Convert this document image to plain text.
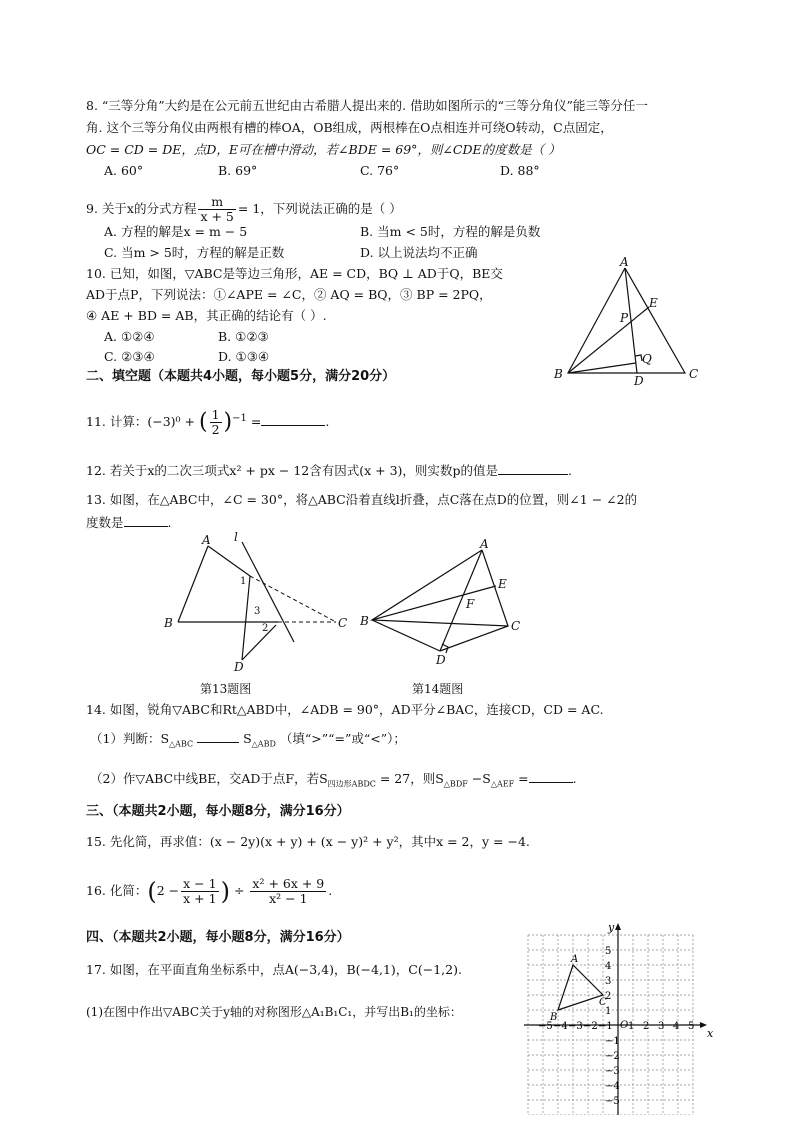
8. “三等分角”大约是在公元前五世纪由古希腊人提出来的. 借助如图所示的“三等分角仪”能三等分任一
角. 这个三等分角仪由两根有槽的棒OA，OB组成，两根棒在O点相连并可绕O转动，C点固定，
OC = CD = DE，点D，E可在槽中滑动，若∠BDE = 69°，则∠CDE的度数是（ ）
A. 60°	B. 69°	C. 76°	D. 88°
9. 关于x的分式方程 $\frac{m}{x + 5} = 1$，下列说法正确的是（ ）
A. 方程的解是x = m − 5	B. 当m < 5时，方程的解是负数
C. 当m > 5时，方程的解是正数	D. 以上说法均不正确
10. 已知，如图，▽ABC是等边三角形，AE = CD，BQ ⊥ AD于Q，BE交
AD于点P，下列说法：①∠APE = ∠C，② AQ = BQ，③ BP = 2PQ，
④ AE + BD = AB，其正确的结论有（ ）.
A. ①②④	B. ①②③
C. ②③④	D. ①③④
A
B	C
D
E
P
Q
二、填空题（本题共4小题，每小题5分，满分20分）
11. 计算：(−3)⁰ + ( $\frac{1}{2} )^{-1}$ =	.
12. 若关于x的二次三项式x² + px − 12含有因式(x + 3)，则实数p的值是	.
13. 如图，在△ABC中，∠C = 30°，将△ABC沿着直线l折叠，点C落在点D的位置，则∠1 − ∠2的
度数是	.
A
B	C
D
l
1
2
3
第13题图
A
B	C
D
E
F
第14题图
14. 如图，锐角▽ABC和Rt△ABD中，∠ADB = 90°，AD平分∠BAC，连接CD，CD = AC.
（1）判断：$S_{\triangle ABC}$	$S_{\triangle ABD}$ （填“>”“=”或“<”）；
（2）作▽ABC中线BE，交AD于点F，若$S_{四边形ABDC} = 27$，则$S_{\triangle BDF} -S_{\triangle AEF}$ =	.
三、（本题共2小题，每小题8分，满分16分）
15. 先化简，再求值：(x − 2y)(x + y) + (x − y)² + y²，其中x = 2，y = −4.
16. 化简：($2 - \frac{x - 1}{x + 1}$ ) ÷ $\frac{\text{x² + 6x + 9}}{\text{x² − 1}}$ .
四、（本题共2小题，每小题8分，满分16分）
17. 如图，在平面直角坐标系中，点A(−3,4)，B(−4,1)，C(−1,2).
(1)在图中作出▽ABC关于y轴的对称图形△A₁B₁C₁，并写出B₁的坐标：
x
y
O
−5 −4 −3 −2 −1 1 2 3 4 5
5
4
3
2
1
−1
−2
−3
−4
−5
A
B
C
